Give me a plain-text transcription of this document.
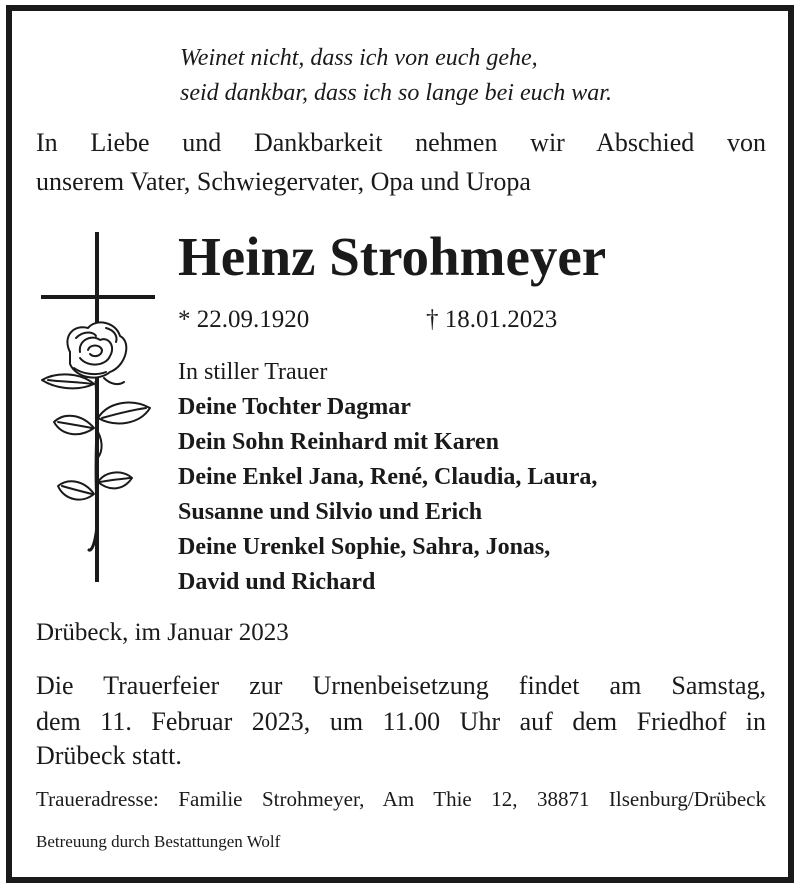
Weinet nicht, dass ich von euch gehe,
seid dankbar, dass ich so lange bei euch war.
In Liebe und Dankbarkeit nehmen wir Abschied von
unserem Vater, Schwiegervater, Opa und Uropa
Heinz Strohmeyer
* 22.09.1920	† 18.01.2023
In stiller Trauer
Deine Tochter Dagmar
Dein Sohn Reinhard mit Karen
Deine Enkel Jana, René, Claudia, Laura,
Susanne und Silvio und Erich
Deine Urenkel Sophie, Sahra, Jonas,
David und Richard
Drübeck, im Januar 2023
Die Trauerfeier zur Urnenbeisetzung findet am Samstag,
dem 11. Februar 2023, um 11.00 Uhr auf dem Friedhof in
Drübeck statt.
Traueradresse: Familie Strohmeyer, Am Thie 12, 38871 Ilsenburg/Drübeck
Betreuung durch Bestattungen Wolf
